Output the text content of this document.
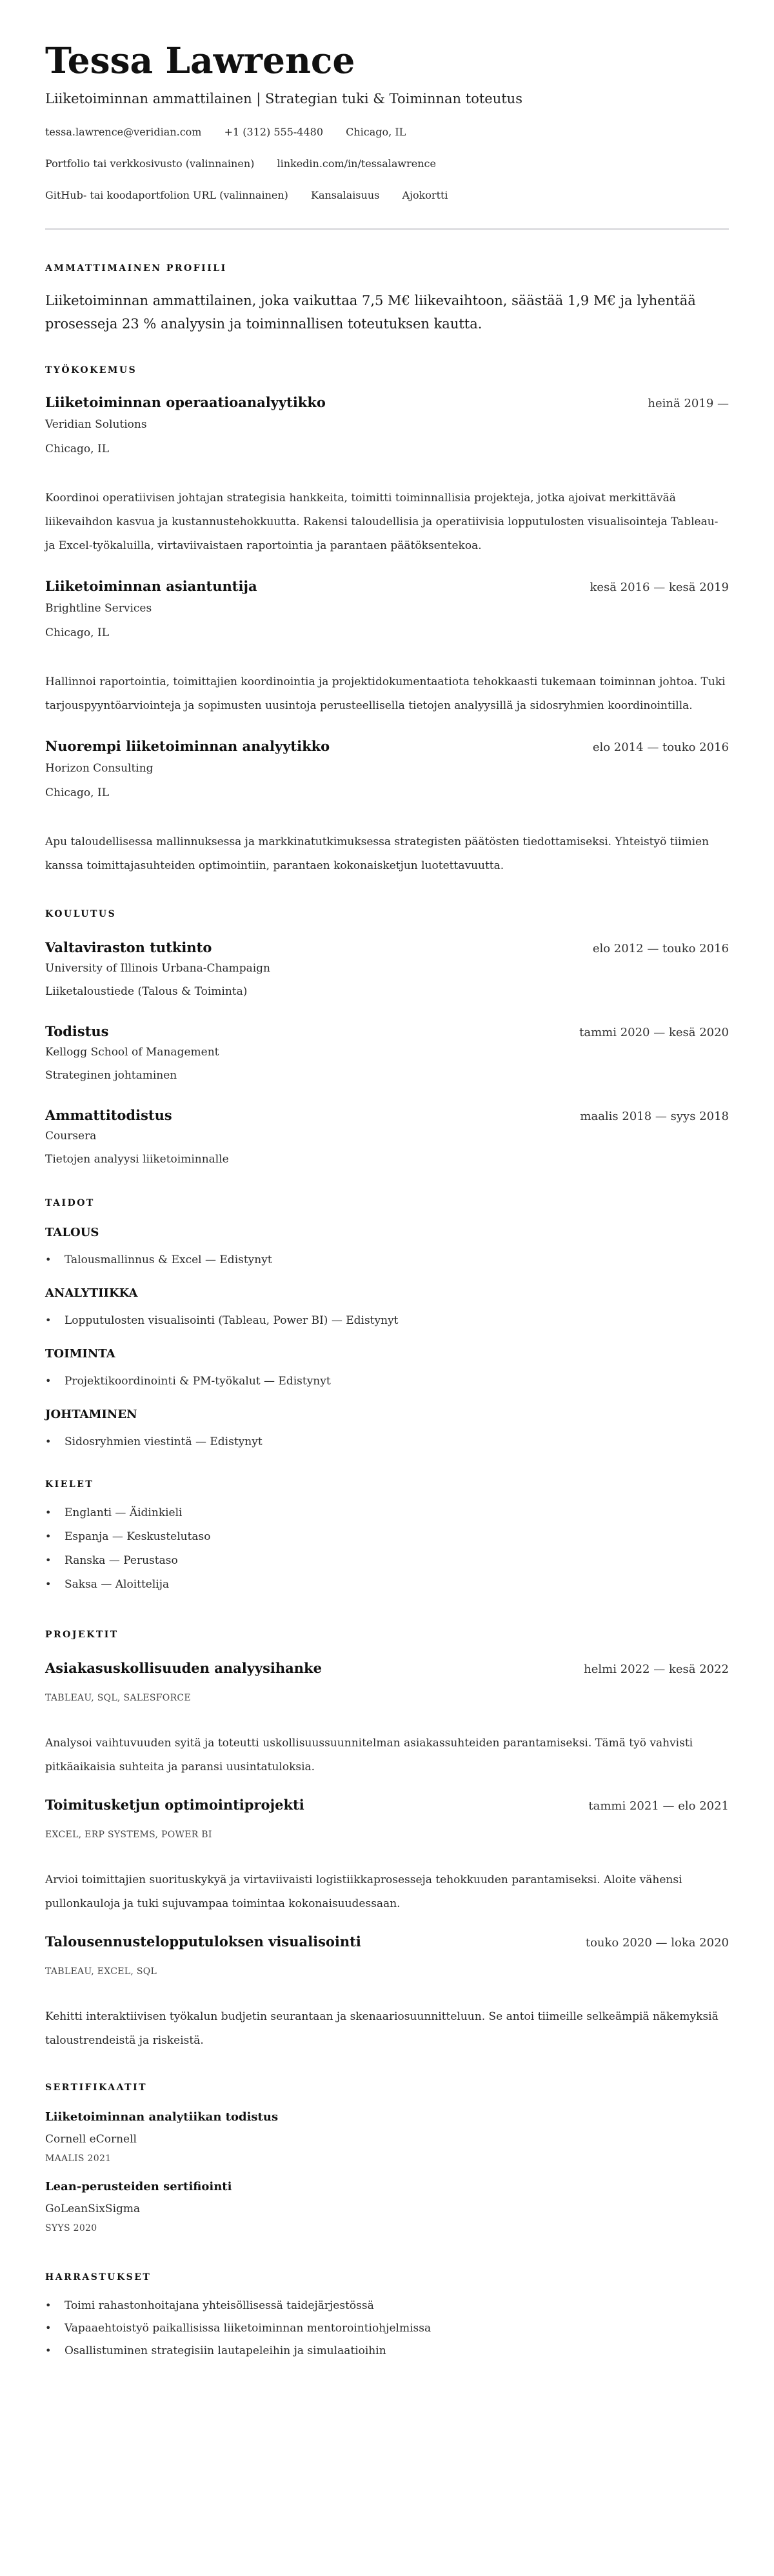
Tessa Lawrence

Liiketoiminnan ammattilainen | Strategian tuki & Toiminnan toteutus

tessa.lawrence@veridian.com +1 (312) 555-4480 Chicago, IL
Portfolio tai verkkosivusto (valinnainen) linkedin.com/in/tessalawrence
GitHub- tai koodaportfolion URL (valinnainen) Kansalaisuus Ajokortti
AMMATTIMAINEN PROFIILI

Liiketoiminnan ammattilainen, joka vaikuttaa 7,5 M€ liikevaihtoon, säästää 1,9 M€ ja lyhentää prosesseja 23 % analyysin ja toiminnallisen toteutuksen kautta.

TYÖKOKEMUS
Liiketoiminnan operaatioanalyytikko	heinä 2019 —
Veridian Solutions
Chicago, IL
Koordinoi operatiivisen johtajan strategisia hankkeita, toimitti toiminnallisia projekteja, jotka ajoivat merkittävää liikevaihdon kasvua ja kustannustehokkuutta. Rakensi taloudellisia ja operatiivisia lopputulosten visualisointeja Tableau- ja Excel-työkaluilla, virtaviivaistaen raportointia ja parantaen päätöksentekoa.
Liiketoiminnan asiantuntija	kesä 2016 — kesä 2019
Brightline Services
Chicago, IL
Hallinnoi raportointia, toimittajien koordinointia ja projektidokumentaatiota tehokkaasti tukemaan toiminnan johtoa. Tuki tarjouspyyntöarviointeja ja sopimusten uusintoja perusteellisella tietojen analyysillä ja sidosryhmien koordinointilla.
Nuorempi liiketoiminnan analyytikko	elo 2014 — touko 2016
Horizon Consulting
Chicago, IL
Apu taloudellisessa mallinnuksessa ja markkinatutkimuksessa strategisten päätösten tiedottamiseksi. Yhteistyö tiimien kanssa toimittajasuhteiden optimointiin, parantaen kokonaisketjun luotettavuutta.
KOULUTUS
Valtaviraston tutkinto	elo 2012 — touko 2016
University of Illinois Urbana-Champaign
Liiketaloustiede (Talous & Toiminta)
Todistus	tammi 2020 — kesä 2020
Kellogg School of Management
Strateginen johtaminen
Ammattitodistus	maalis 2018 — syys 2018
Coursera
Tietojen analyysi liiketoiminnalle
TAIDOT
TALOUS
• Talousmallinnus & Excel — Edistynyt
ANALYTIIKKA
• Lopputulosten visualisointi (Tableau, Power BI) — Edistynyt
TOIMINTA
• Projektikoordinointi & PM-työkalut — Edistynyt
JOHTAMINEN
• Sidosryhmien viestintä — Edistynyt
KIELET
• Englanti — Äidinkieli
• Espanja — Keskustelutaso
• Ranska — Perustaso
• Saksa — Aloittelija
PROJEKTIT
Asiakasuskollisuuden analyysihanke	helmi 2022 — kesä 2022
TABLEAU, SQL, SALESFORCE
Analysoi vaihtuvuuden syitä ja toteutti uskollisuussuunnitelman asiakassuhteiden parantamiseksi. Tämä työ vahvisti pitkäaikaisia suhteita ja paransi uusintatuloksia.
Toimitusketjun optimointiprojekti	tammi 2021 — elo 2021
EXCEL, ERP SYSTEMS, POWER BI
Arvioi toimittajien suorituskykyä ja virtaviivaisti logistiikkaprosesseja tehokkuuden parantamiseksi. Aloite vähensi pullonkauloja ja tuki sujuvampaa toimintaa kokonaisuudessaan.
Talousennustelopputuloksen visualisointi	touko 2020 — loka 2020
TABLEAU, EXCEL, SQL
Kehitti interaktiivisen työkalun budjetin seurantaan ja skenaariosuunnitteluun. Se antoi tiimeille selkeämpiä näkemyksiä taloustrendeistä ja riskeistä.
SERTIFIKAATIT
Liiketoiminnan analytiikan todistus
Cornell eCornell
MAALIS 2021
Lean-perusteiden sertifiointi
GoLeanSixSigma
SYYS 2020
HARRASTUKSET
• Toimi rahastonhoitajana yhteisöllisessä taidejärjestössä
• Vapaaehtoistyö paikallisissa liiketoiminnan mentorointiohjelmissa
• Osallistuminen strategisiin lautapeleihin ja simulaatioihin
